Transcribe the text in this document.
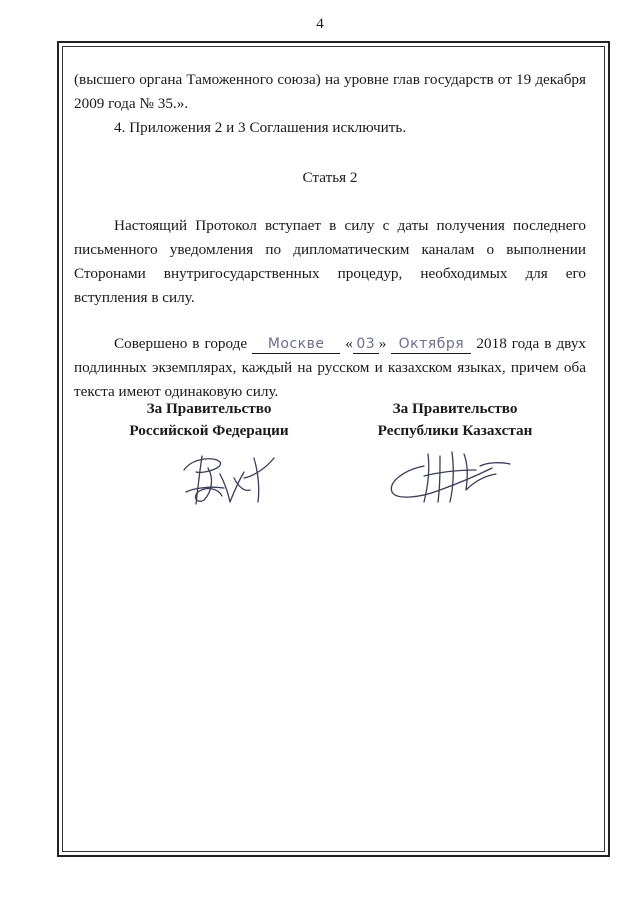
4

(высшего органа Таможенного союза) на уровне глав государств от 19 декабря 2009 года № 35.».

4. Приложения 2 и 3 Соглашения исключить.

Статья 2

Настоящий Протокол вступает в силу с даты получения последнего письменного уведомления по дипломатическим каналам о выполнении Сторонами внутригосударственных процедур, необходимых для его вступления в силу.

Совершено в городе Москве « 03 » Октября 2018 года в двух подлинных экземплярах, каждый на русском и казахском языках, причем оба текста имеют одинаковую силу.

За Правительство
Российской Федерации
За Правительство
Республики Казахстан
